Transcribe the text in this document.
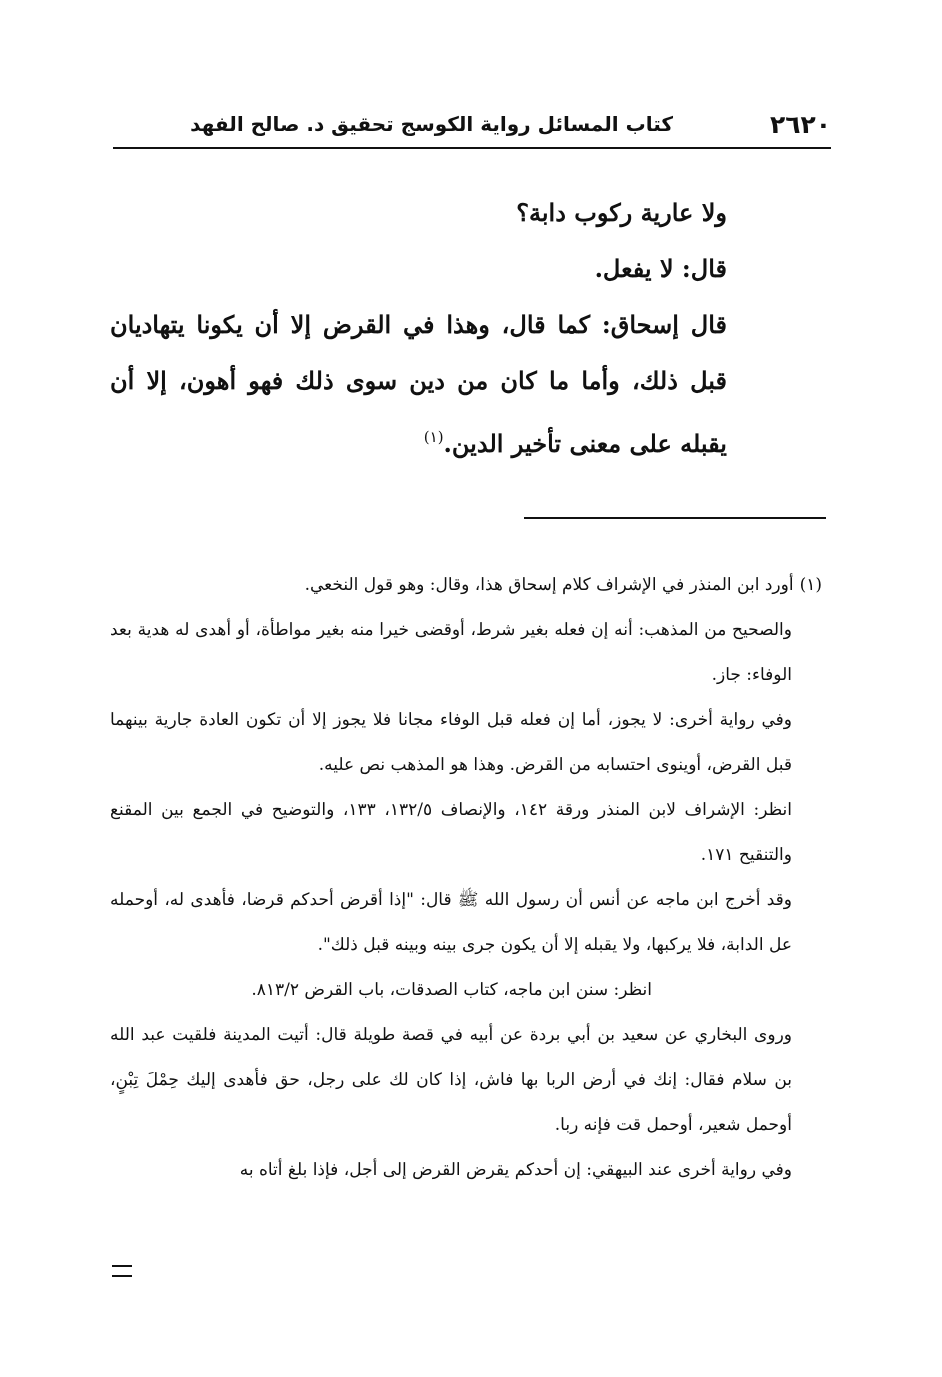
٢٦٢٠
كتاب المسائل رواية الكوسج تحقيق د. صالح الفهد

ولا عارية ركوب دابة؟

قال: لا يفعل.

قال إسحاق: كما قال، وهذا في القرض إلا أن يكونا يتهاديان قبل ذلك، وأما ما كان من دين سوى ذلك فهو أهون، إلا أن يقبله على معنى تأخير الدين.$^{(١)}$

(١)أورد ابن المنذر في الإشراف كلام إسحاق هذا، وقال: وهو قول النخعي.

والصحيح من المذهب: أنه إن فعله بغير شرط، أوقضى خيرا منه بغير مواطأة، أو أهدى له هدية بعد الوفاء: جاز.

وفي رواية أخرى: لا يجوز، أما إن فعله قبل الوفاء مجانا فلا يجوز إلا أن تكون العادة جارية بينهما قبل القرض، أوينوى احتسابه من القرض. وهذا هو المذهب نص عليه.

انظر: الإشراف لابن المنذر ورقة ١٤٢، والإنصاف ١٣٢/٥، ١٣٣، والتوضيح في الجمع بين المقنع والتنقيح ١٧١.

وقد أخرج ابن ماجه عن أنس أن رسول الله ﷺ قال: "إذا أقرض أحدكم قرضا، فأهدى له، أوحمله عل الدابة، فلا يركبها، ولا يقبله إلا أن يكون جرى بينه وبينه قبل ذلك".

انظر: سنن ابن ماجه، كتاب الصدقات، باب القرض ٨١٣/٢.

وروى البخاري عن سعيد بن أبي بردة عن أبيه في قصة طويلة قال: أتيت المدينة فلقيت عبد الله بن سلام فقال: إنك في أرض الربا بها فاش، إذا كان لك على رجل، حق فأهدى إليك حِمْلَ تِبْنٍ، أوحمل شعير، أوحمل قت فإنه ربا.

وفي رواية أخرى عند البيهقي: إن أحدكم يقرض القرض إلى أجل، فإذا بلغ أتاه به
